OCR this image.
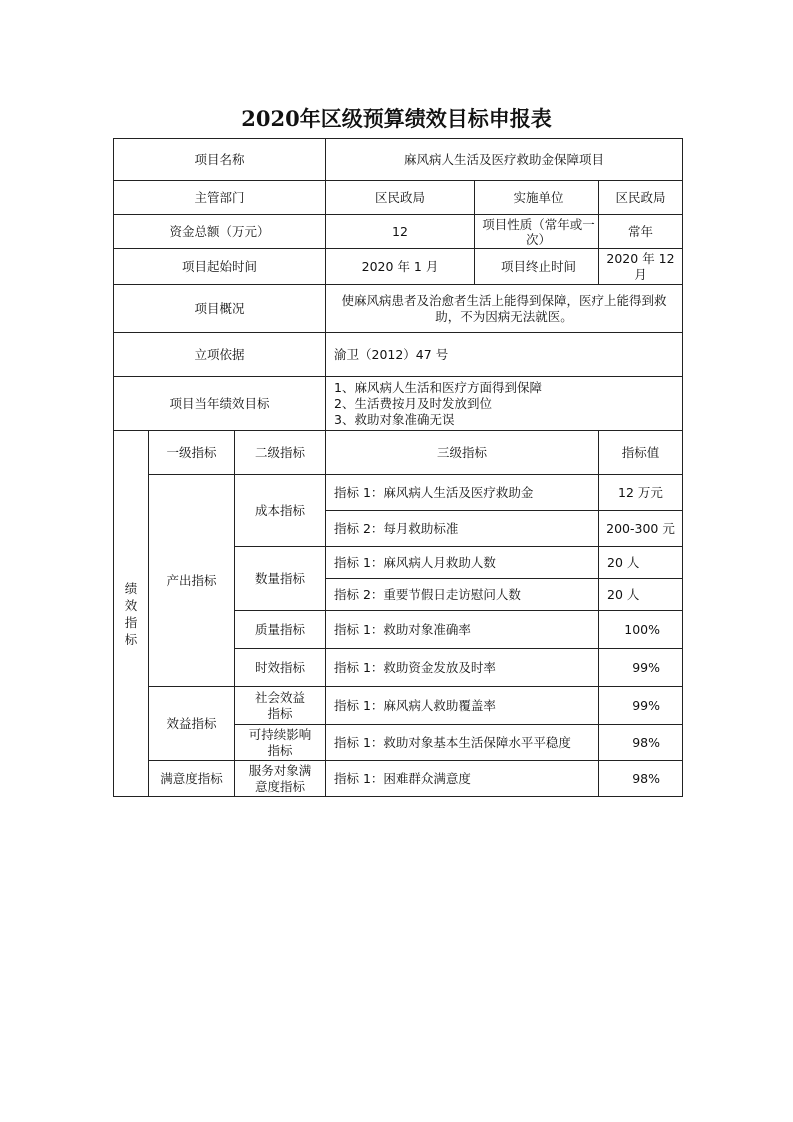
2020年区级预算绩效目标申报表
项目名称			麻风病人生活及医疗救助金保障项目	
主管部门			区民政局 实施单位	区民政局
资金总额（万元）			12 项目性质（常年或一次）	常年
项目起始时间			2020 年 1 月 项目终止时间	2020 年 12 月
项目概况			使麻风病患者及治愈者生活上能得到保障，医疗上能得到救助，不为因病无法就医。	
立项依据			渝卫（2012）47 号	
项目当年绩效目标			1、麻风病人生活和医疗方面得到保障
2、生活费按月及时发放到位
3、救助对象准确无误	

绩效指标	一级指标	二级指标	三级指标	指标值
	产出指标	成本指标	指标 1：麻风病人生活及医疗救助金	12 万元
			指标 2：每月救助标准	200-300 元
		数量指标	指标 1：麻风病人月救助人数	20 人
			指标 2：重要节假日走访慰问人数	20 人
		质量指标	指标 1：救助对象准确率	100%
		时效指标	指标 1：救助资金发放及时率	99%
	效益指标	社会效益指标	指标 1：麻风病人救助覆盖率	99%
		可持续影响指标	指标 1：救助对象基本生活保障水平平稳度	98%
	满意度指标	服务对象满意度指标	指标 1：困难群众满意度	98%
